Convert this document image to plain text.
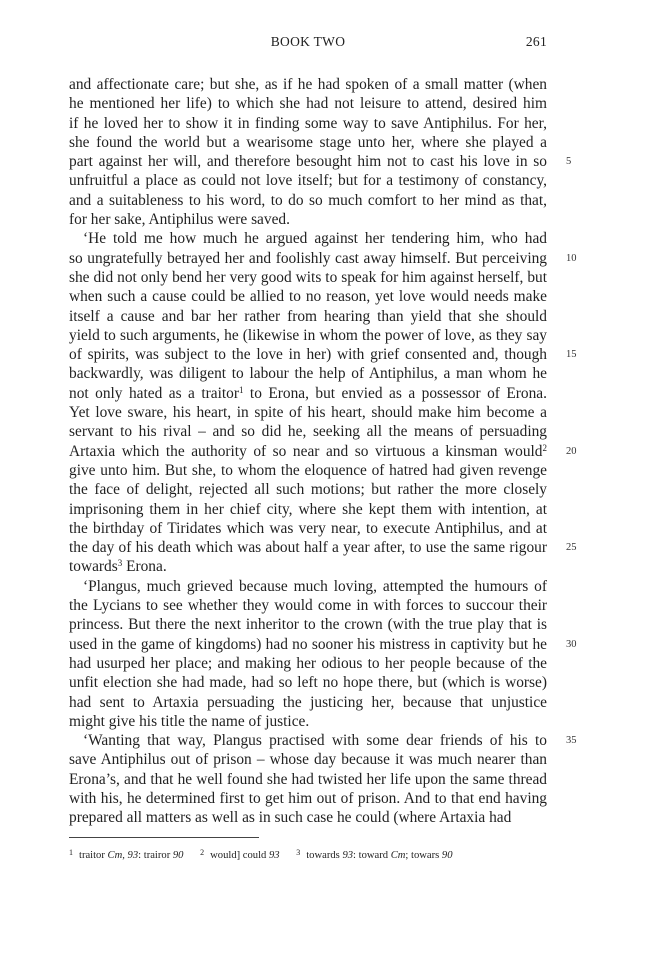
BOOK TWO	261
and affectionate care; but she, as if he had spoken of a small matter (when
he mentioned her life) to which she had not leisure to attend, desired him
if he loved her to show it in finding some way to save Antiphilus. For her,
she found the world but a wearisome stage unto her, where she played a
part against her will, and therefore besought him not to cast his love in so
unfruitful a place as could not love itself; but for a testimony of constancy,
and a suitableness to his word, to do so much comfort to her mind as that,
for her sake, Antiphilus were saved.
‘He told me how much he argued against her tendering him, who had
so ungratefully betrayed her and foolishly cast away himself. But perceiving
she did not only bend her very good wits to speak for him against herself, but
when such a cause could be allied to no reason, yet love would needs make
itself a cause and bar her rather from hearing than yield that she should
yield to such arguments, he (likewise in whom the power of love, as they say
of spirits, was subject to the love in her) with grief consented and, though
backwardly, was diligent to labour the help of Antiphilus, a man whom he
not only hated as a traitor$^1$ to Erona, but envied as a possessor of Erona.
Yet love sware, his heart, in spite of his heart, should make him become a
servant to his rival – and so did he, seeking all the means of persuading
Artaxia which the authority of so near and so virtuous a kinsman would$^2$
give unto him. But she, to whom the eloquence of hatred had given revenge
the face of delight, rejected all such motions; but rather the more closely
imprisoning them in her chief city, where she kept them with intention, at
the birthday of Tiridates which was very near, to execute Antiphilus, and at
the day of his death which was about half a year after, to use the same rigour
towards$^3$ Erona.
‘Plangus, much grieved because much loving, attempted the humours of
the Lycians to see whether they would come in with forces to succour their
princess. But there the next inheritor to the crown (with the true play that is
used in the game of kingdoms) had no sooner his mistress in captivity but he
had usurped her place; and making her odious to her people because of the
unfit election she had made, had so left no hope there, but (which is worse)
had sent to Artaxia persuading the justicing her, because that unjustice
might give his title the name of justice.
‘Wanting that way, Plangus practised with some dear friends of his to
save Antiphilus out of prison – whose day because it was much nearer than
Erona’s, and that he well found she had twisted her life upon the same thread
with his, he determined first to get him out of prison. And to that end having
prepared all matters as well as in such case he could (where Artaxia had
5
10
15
20
25
30
35
$^1$ traitor Cm, 93: trairor 90 $^2$ would] could 93 $^3$ towards 93: toward Cm; towars 90
